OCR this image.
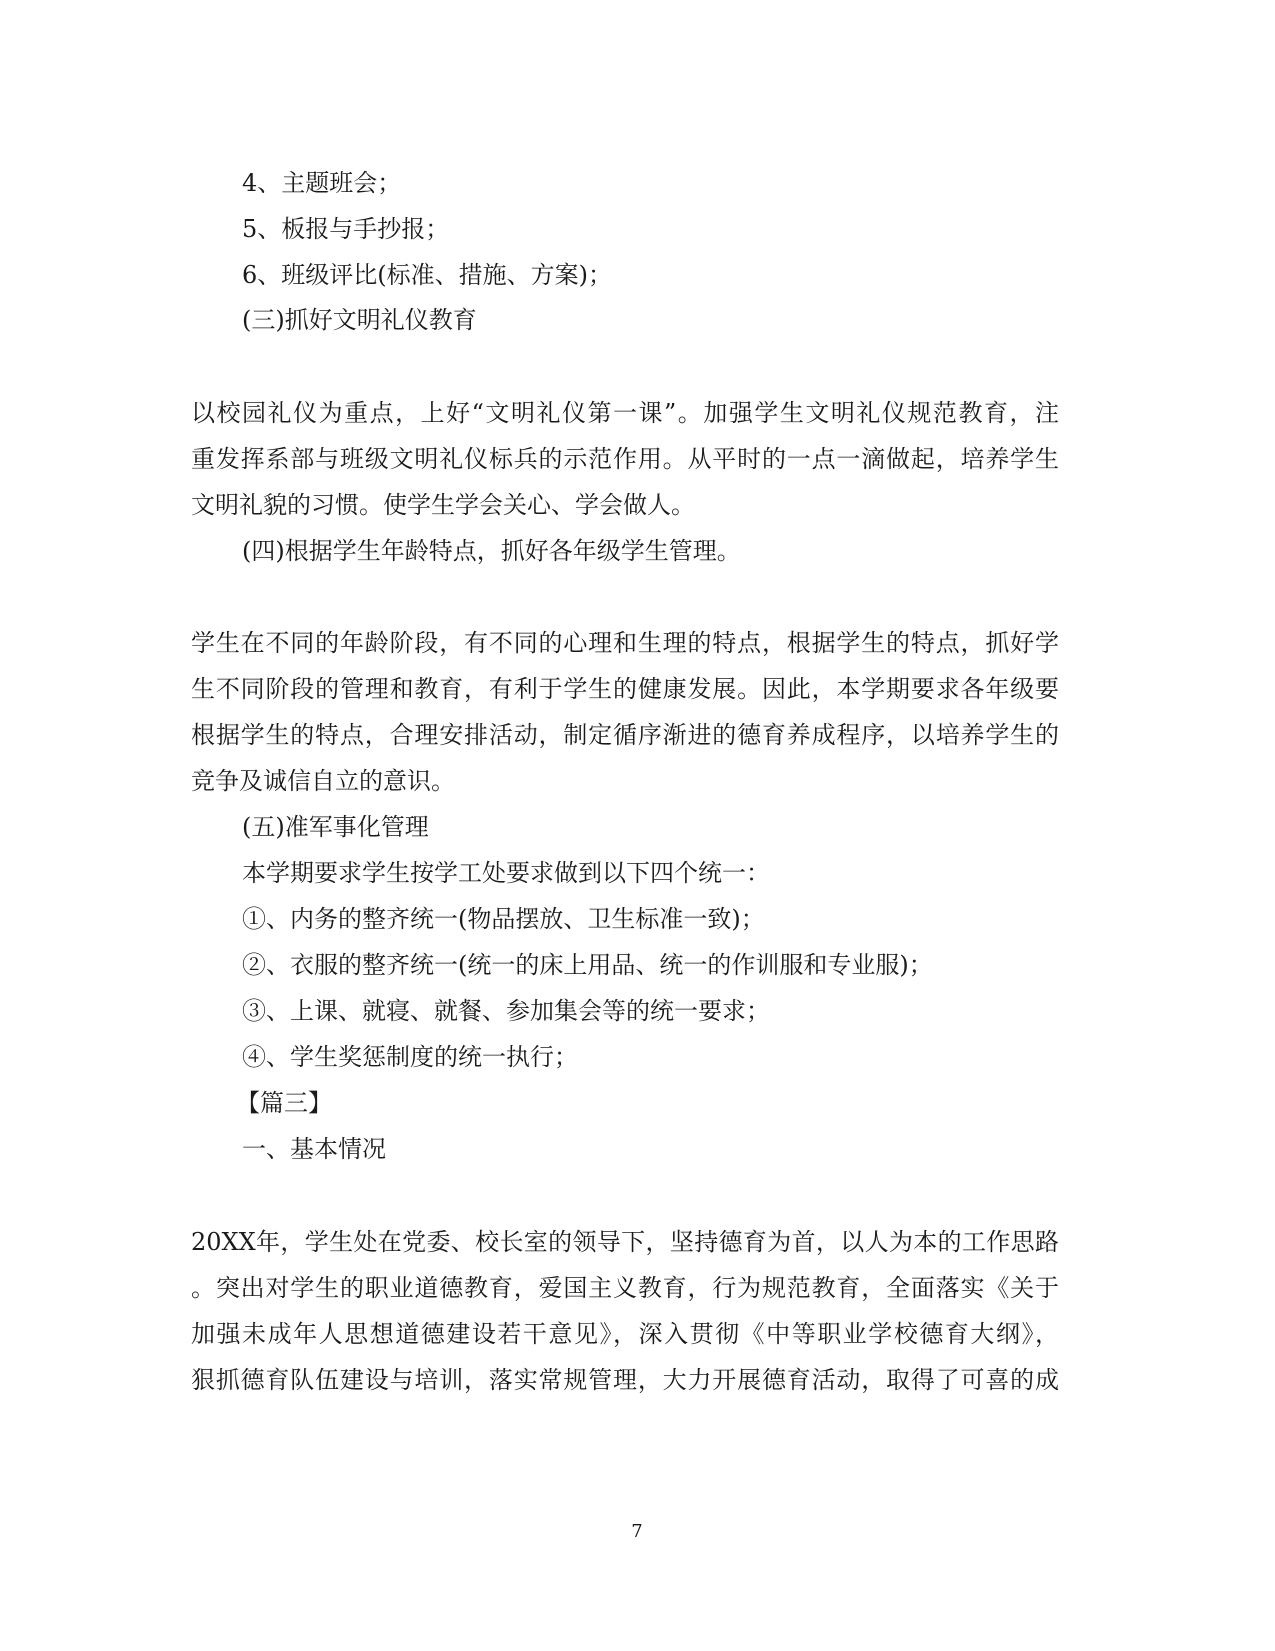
4、主题班会；
5、板报与手抄报；
6、班级评比(标准、措施、方案)；
(三)抓好文明礼仪教育
以校园礼仪为重点，上好“文明礼仪第一课”。加强学生文明礼仪规范教育，注
重发挥系部与班级文明礼仪标兵的示范作用。从平时的一点一滴做起，培养学生
文明礼貌的习惯。使学生学会关心、学会做人。
(四)根据学生年龄特点，抓好各年级学生管理。
学生在不同的年龄阶段，有不同的心理和生理的特点，根据学生的特点，抓好学
生不同阶段的管理和教育，有利于学生的健康发展。因此，本学期要求各年级要
根据学生的特点，合理安排活动，制定循序渐进的德育养成程序，以培养学生的
竞争及诚信自立的意识。
(五)准军事化管理
本学期要求学生按学工处要求做到以下四个统一：
①、内务的整齐统一(物品摆放、卫生标准一致)；
②、衣服的整齐统一(统一的床上用品、统一的作训服和专业服)；
③、上课、就寝、就餐、参加集会等的统一要求；
④、学生奖惩制度的统一执行；
【篇三】
一、基本情况
20XX年，学生处在党委、校长室的领导下，坚持德育为首，以人为本的工作思路
。突出对学生的职业道德教育，爱国主义教育，行为规范教育，全面落实《关于
加强未成年人思想道德建设若干意见》，深入贯彻《中等职业学校德育大纲》，
狠抓德育队伍建设与培训，落实常规管理，大力开展德育活动，取得了可喜的成
7
